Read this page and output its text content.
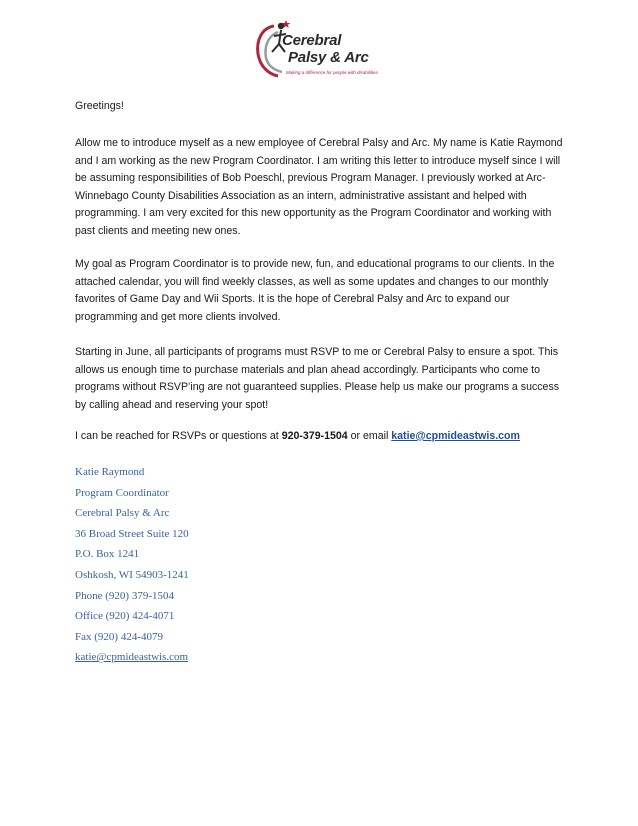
Cerebral
Palsy & Arc
Making a difference for people with disabilities.

Greetings!

Allow me to introduce myself as a new employee of Cerebral Palsy and Arc. My name is Katie Raymond and I am working as the new Program Coordinator. I am writing this letter to introduce myself since I will be assuming responsibilities of Bob Poeschl, previous Program Manager. I previously worked at Arc-Winnebago County Disabilities Association as an intern, administrative assistant and helped with programming. I am very excited for this new opportunity as the Program Coordinator and working with past clients and meeting new ones.

My goal as Program Coordinator is to provide new, fun, and educational programs to our clients. In the attached calendar, you will find weekly classes, as well as some updates and changes to our monthly favorites of Game Day and Wii Sports. It is the hope of Cerebral Palsy and Arc to expand our programming and get more clients involved.

Starting in June, all participants of programs must RSVP to me or Cerebral Palsy to ensure a spot. This allows us enough time to purchase materials and plan ahead accordingly. Participants who come to programs without RSVP’ing are not guaranteed supplies. Please help us make our programs a success by calling ahead and reserving your spot!

I can be reached for RSVPs or questions at 920-379-1504 or email katie@cpmideastwis.com

Katie Raymond
Program Coordinator
Cerebral Palsy & Arc
36 Broad Street Suite 120
P.O. Box 1241
Oshkosh, WI 54903-1241
Phone (920) 379-1504
Office (920) 424-4071
Fax (920) 424-4079
katie@cpmideastwis.com
